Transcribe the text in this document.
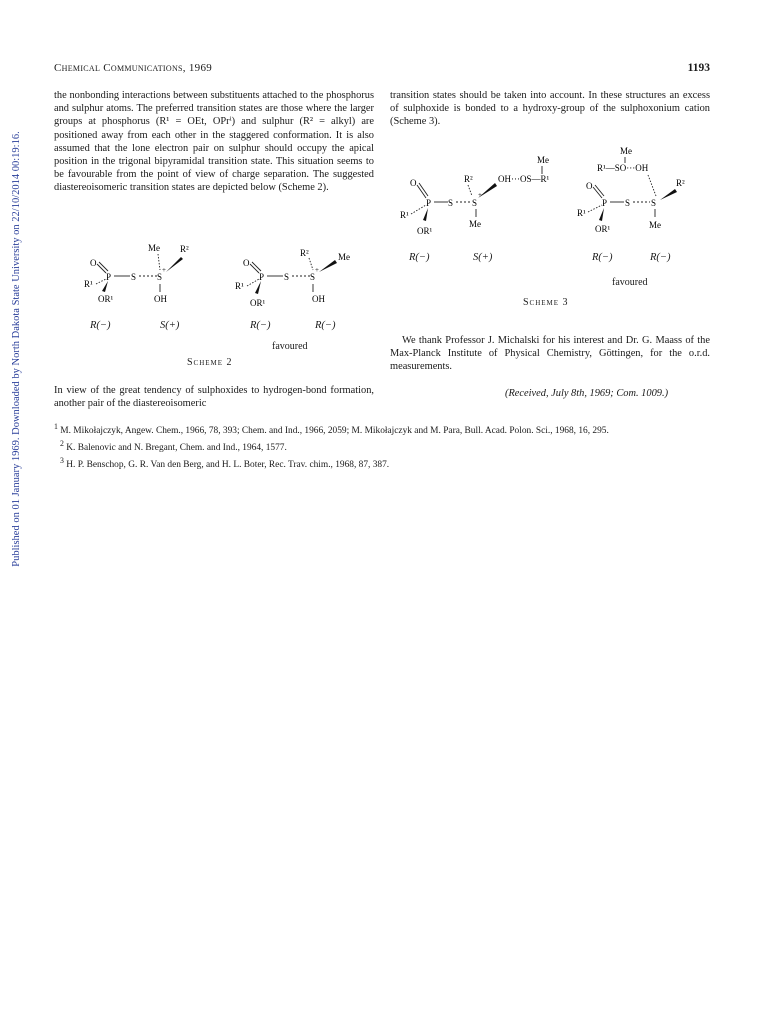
Published on 01 January 1969. Downloaded by North Dakota State University on 22/10/2014 00:19:16.
Chemical Communications, 1969	1193

the nonbonding interactions between substituents attached to the phosphorus and sulphur atoms. The preferred transition states are those where the larger groups at phosphorus (R¹ = OEt, OPrⁱ) and sulphur (R² = alkyl) are positioned away from each other in the staggered conformation. It is also assumed that the lone electron pair on sulphur should occupy the apical position in the trigonal bipyramidal transition state. This situation seems to be favourable from the point of view of charge separation. The suggested diastereoisomeric transition states are depicted below (Scheme 2).

transition states should be taken into account. In these structures an excess of sulphoxide is bonded to a hydroxy-group of the sulphoxonium cation (Scheme 3).

O
P S S
+
Me R²
R¹
OR¹	OH
O
P S S
+
R²	Me
R¹
OR¹	OH
R(−)	S(+)	R(−)	R(−)
favoured
Scheme 2
In view of the great tendency of sulphoxides to hydrogen-bond formation, another pair of the diastereoisomeric
Me
OH···OS—R¹
R²
O
P S S
+
Me
R¹
OR¹
Me
R¹—SO···OH
R²
O
P S S
Me
R¹
OR¹
R(−)	S(+)	R(−)	R(−)
favoured
Scheme 3
We thank Professor J. Michalski for his interest and Dr. G. Maass of the Max-Planck Institute of Physical Chemistry, Göttingen, for the o.r.d. measurements.
(Received, July 8th, 1969; Com. 1009.)
$^1$ M. Mikołajczyk, Angew. Chem., 1966, 78, 393; Chem. and Ind., 1966, 2059; M. Mikołajczyk and M. Para, Bull. Acad. Polon. Sci., 1968, 16, 295.
$^2$ K. Balenovic and N. Bregant, Chem. and Ind., 1964, 1577.
$^3$ H. P. Benschop, G. R. Van den Berg, and H. L. Boter, Rec. Trav. chim., 1968, 87, 387.
